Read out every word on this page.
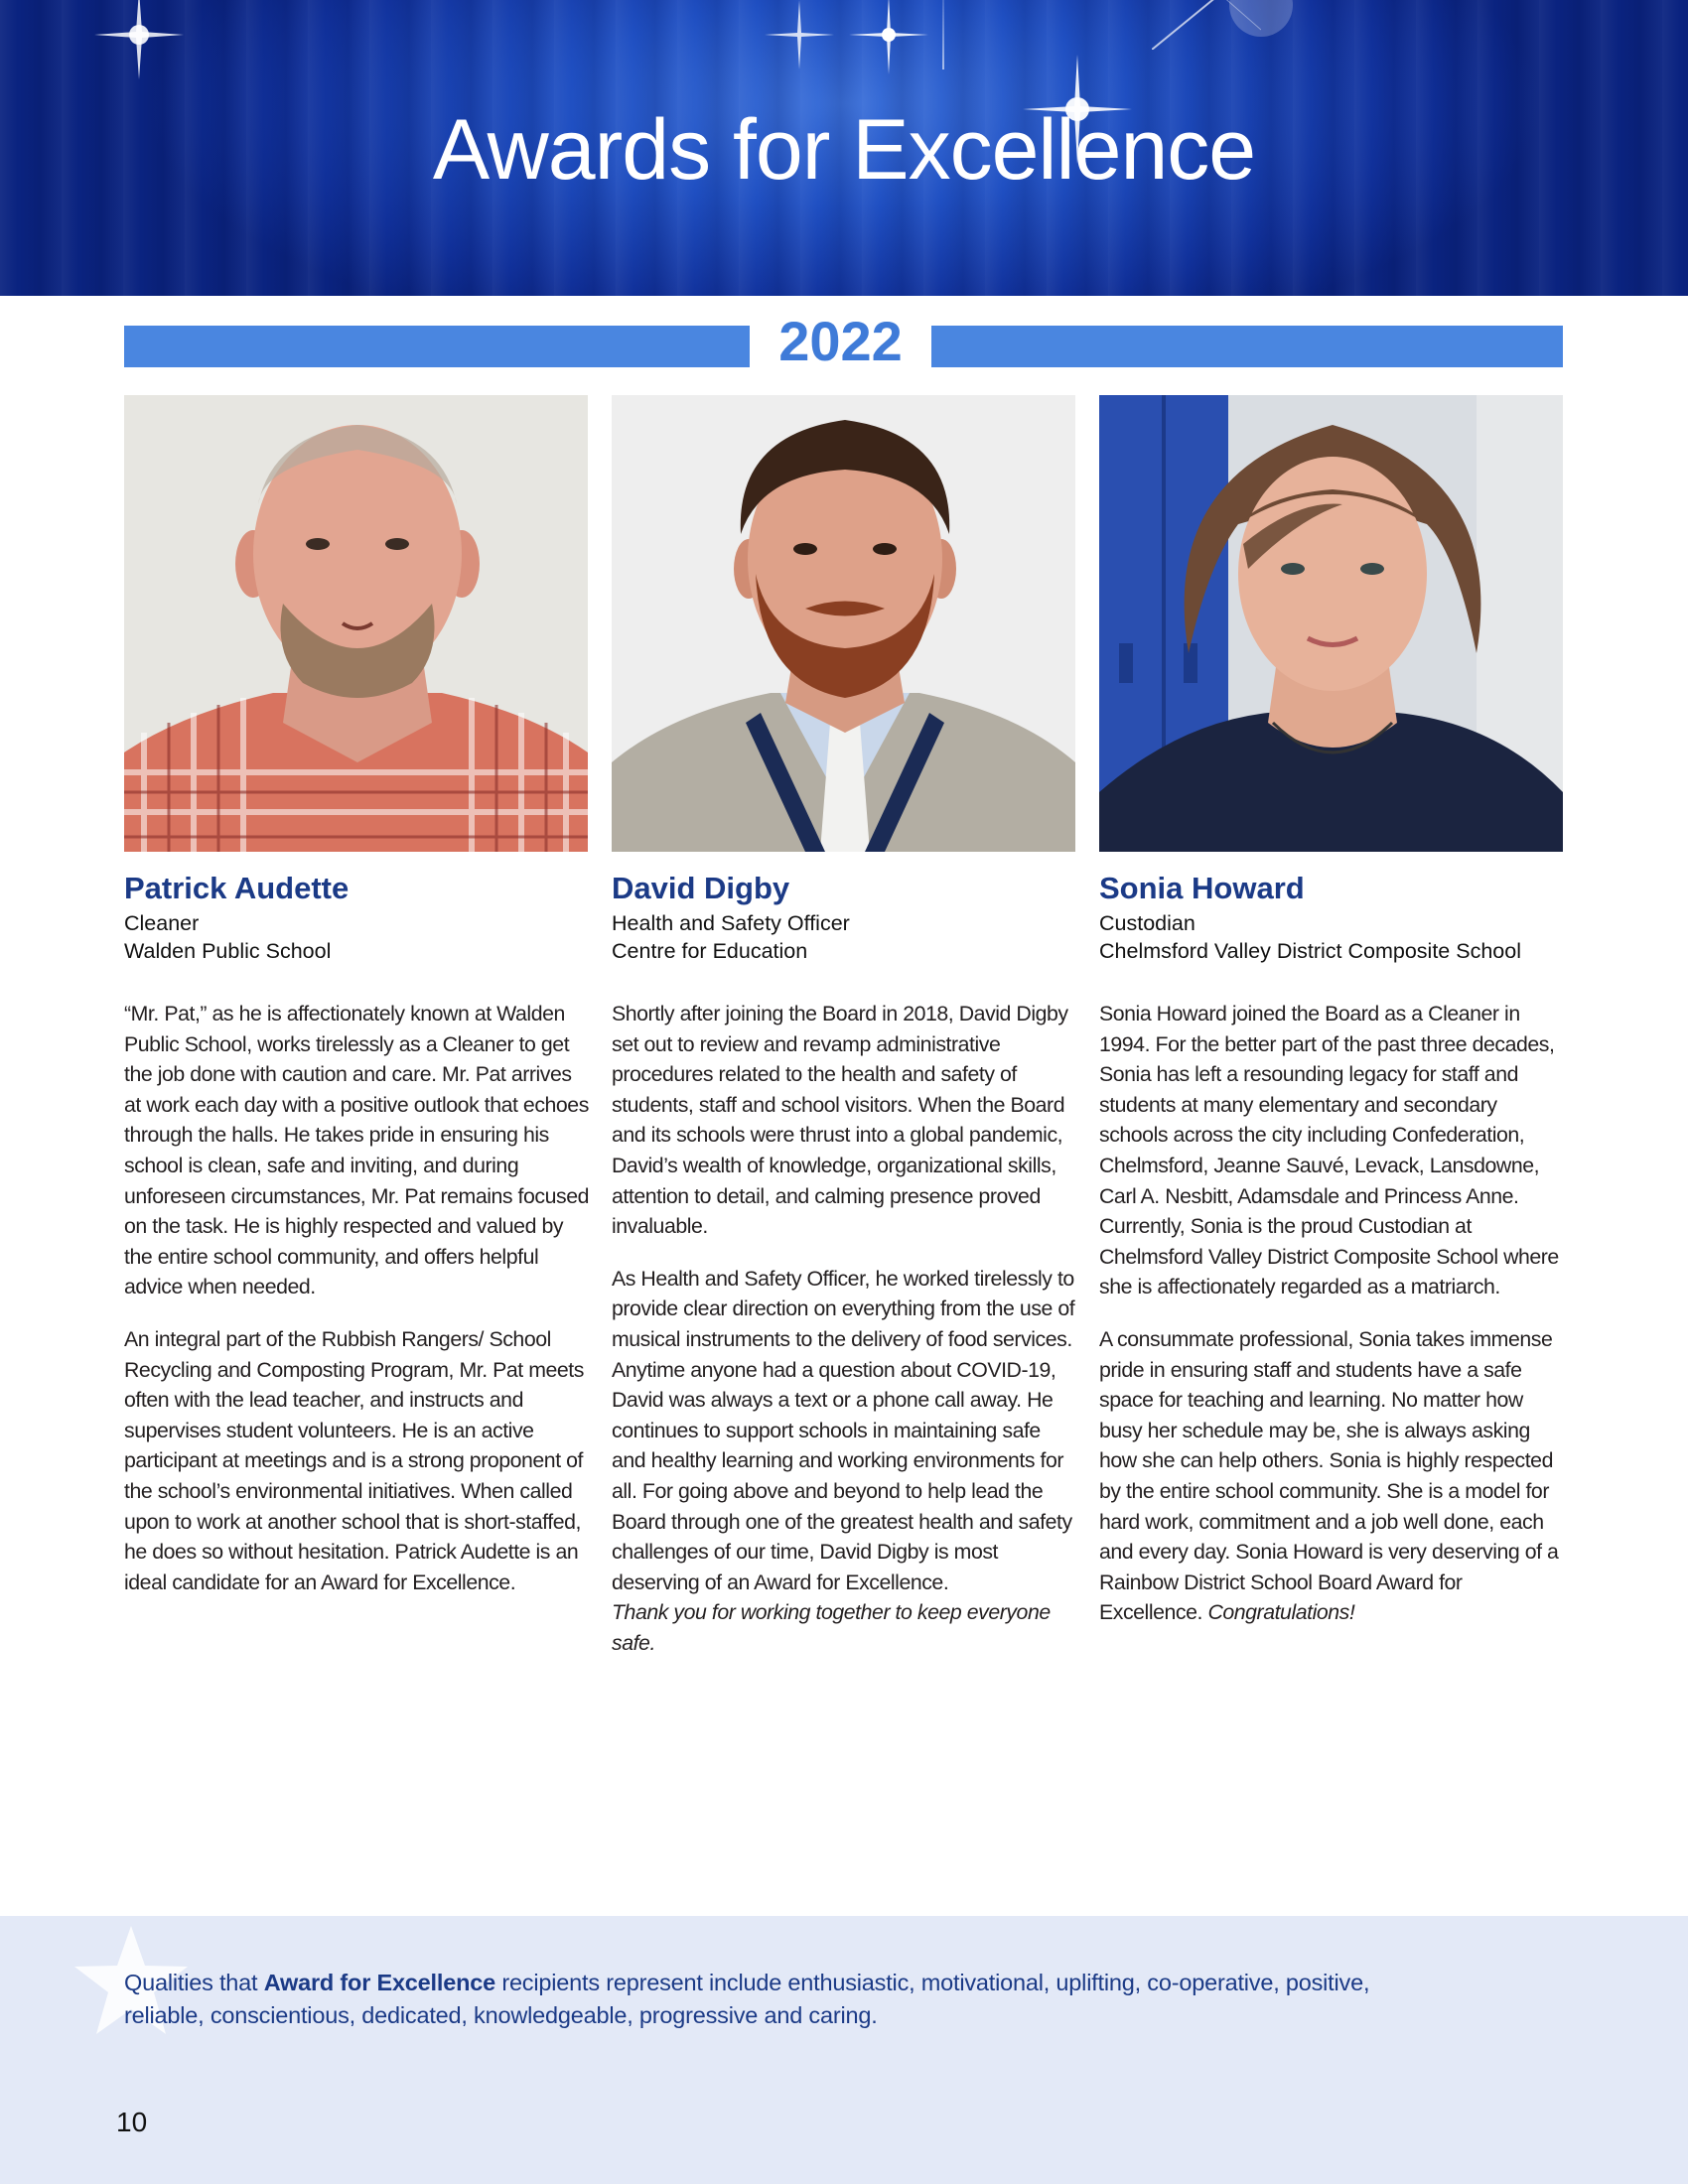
Awards for Excellence
2022
Patrick Audette
Cleaner
Walden Public School

“Mr. Pat,” as he is affectionately known at Walden Public School, works tirelessly as a Cleaner to get the job done with caution and care. Mr. Pat arrives at work each day with a positive outlook that echoes through the halls. He takes pride in ensuring his school is clean, safe and inviting, and during unforeseen circumstances, Mr. Pat remains focused on the task. He is highly respected and valued by the entire school community, and offers helpful advice when needed.

An integral part of the Rubbish Rangers/ School Recycling and Composting Program, Mr. Pat meets often with the lead teacher, and instructs and supervises student volunteers. He is an active participant at meetings and is a strong proponent of the school’s environmental initiatives. When called upon to work at another school that is short-staffed, he does so without hesitation. Patrick Audette is an ideal candidate for an Award for Excellence.

David Digby
Health and Safety Officer
Centre for Education

Shortly after joining the Board in 2018, David Digby set out to review and revamp administrative procedures related to the health and safety of students, staff and school visitors. When the Board and its schools were thrust into a global pandemic, David’s wealth of knowledge, organizational skills, attention to detail, and calming presence proved invaluable.

As Health and Safety Officer, he worked tirelessly to provide clear direction on everything from the use of musical instruments to the delivery of food services. Anytime anyone had a question about COVID-19, David was always a text or a phone call away. He continues to support schools in maintaining safe and healthy learning and working environments for all. For going above and beyond to help lead the Board through one of the greatest health and safety challenges of our time, David Digby is most deserving of an Award for Excellence.

Thank you for working together to keep everyone safe.

Sonia Howard
Custodian
Chelmsford Valley District Composite School

Sonia Howard joined the Board as a Cleaner in 1994. For the better part of the past three decades, Sonia has left a resounding legacy for staff and students at many elementary and secondary schools across the city including Confederation, Chelmsford, Jeanne Sauvé, Levack, Lansdowne, Carl A. Nesbitt, Adamsdale and Princess Anne. Currently, Sonia is the proud Custodian at Chelmsford Valley District Composite School where she is affectionately regarded as a matriarch.

A consummate professional, Sonia takes immense pride in ensuring staff and students have a safe space for teaching and learning. No matter how busy her schedule may be, she is always asking how she can help others. Sonia is highly respected by the entire school community. She is a model for hard work, commitment and a job well done, each and every day. Sonia Howard is very deserving of a Rainbow District School Board Award for Excellence. Congratulations!

Qualities that Award for Excellence recipients represent include enthusiastic, motivational, uplifting, co-operative, positive, reliable, conscientious, dedicated, knowledgeable, progressive and caring.
10
